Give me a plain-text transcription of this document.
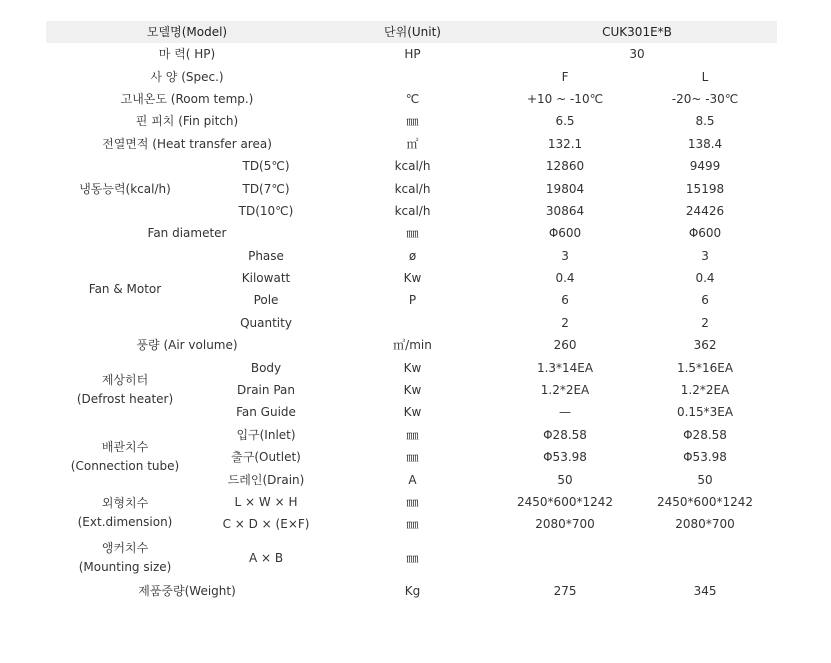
모델명(Model)		단위(Unit)	CUK301E*B	
마 력( HP)		HP	30	
사 양 (Spec.)			F	L
고내온도 (Room temp.)		℃	+10 ~ -10℃	-20~ -30℃
핀 피치 (Fin pitch)		㎜	6.5	8.5
전열면적 (Heat transfer area)		㎡	132.1	138.4
냉동능력(kcal/h)	TD(5℃)	kcal/h	12860	9499
	TD(7℃)	kcal/h	19804	15198
	TD(10℃)	kcal/h	30864	24426
Fan diameter		㎜	Φ600	Φ600
Fan & Motor	Phase	ø	3	3
	Kilowatt	Kw	0.4	0.4
	Pole	P	6	6
	Quantity		2	2
풍량 (Air volume)		㎥/min	260	362

제상히터
(Defrost heater)	Body	Kw	1.3*14EA	1.5*16EA
	Drain Pan	Kw	1.2*2EA	1.2*2EA
	Fan Guide	Kw	—	0.15*3EA

배관치수
(Connection tube)	입구(Inlet)	㎜	Φ28.58	Φ28.58
	출구(Outlet)	㎜	Φ53.98	Φ53.98
	드레인(Drain)	A	50	50

외형치수
(Ext.dimension)	L × W × H	㎜	2450*600*1242	2450*600*1242
	C × D × (E×F)	㎜	2080*700	2080*700

앵커치수
(Mounting size)	A × B	㎜		
제품중량(Weight)		Kg	275	345
